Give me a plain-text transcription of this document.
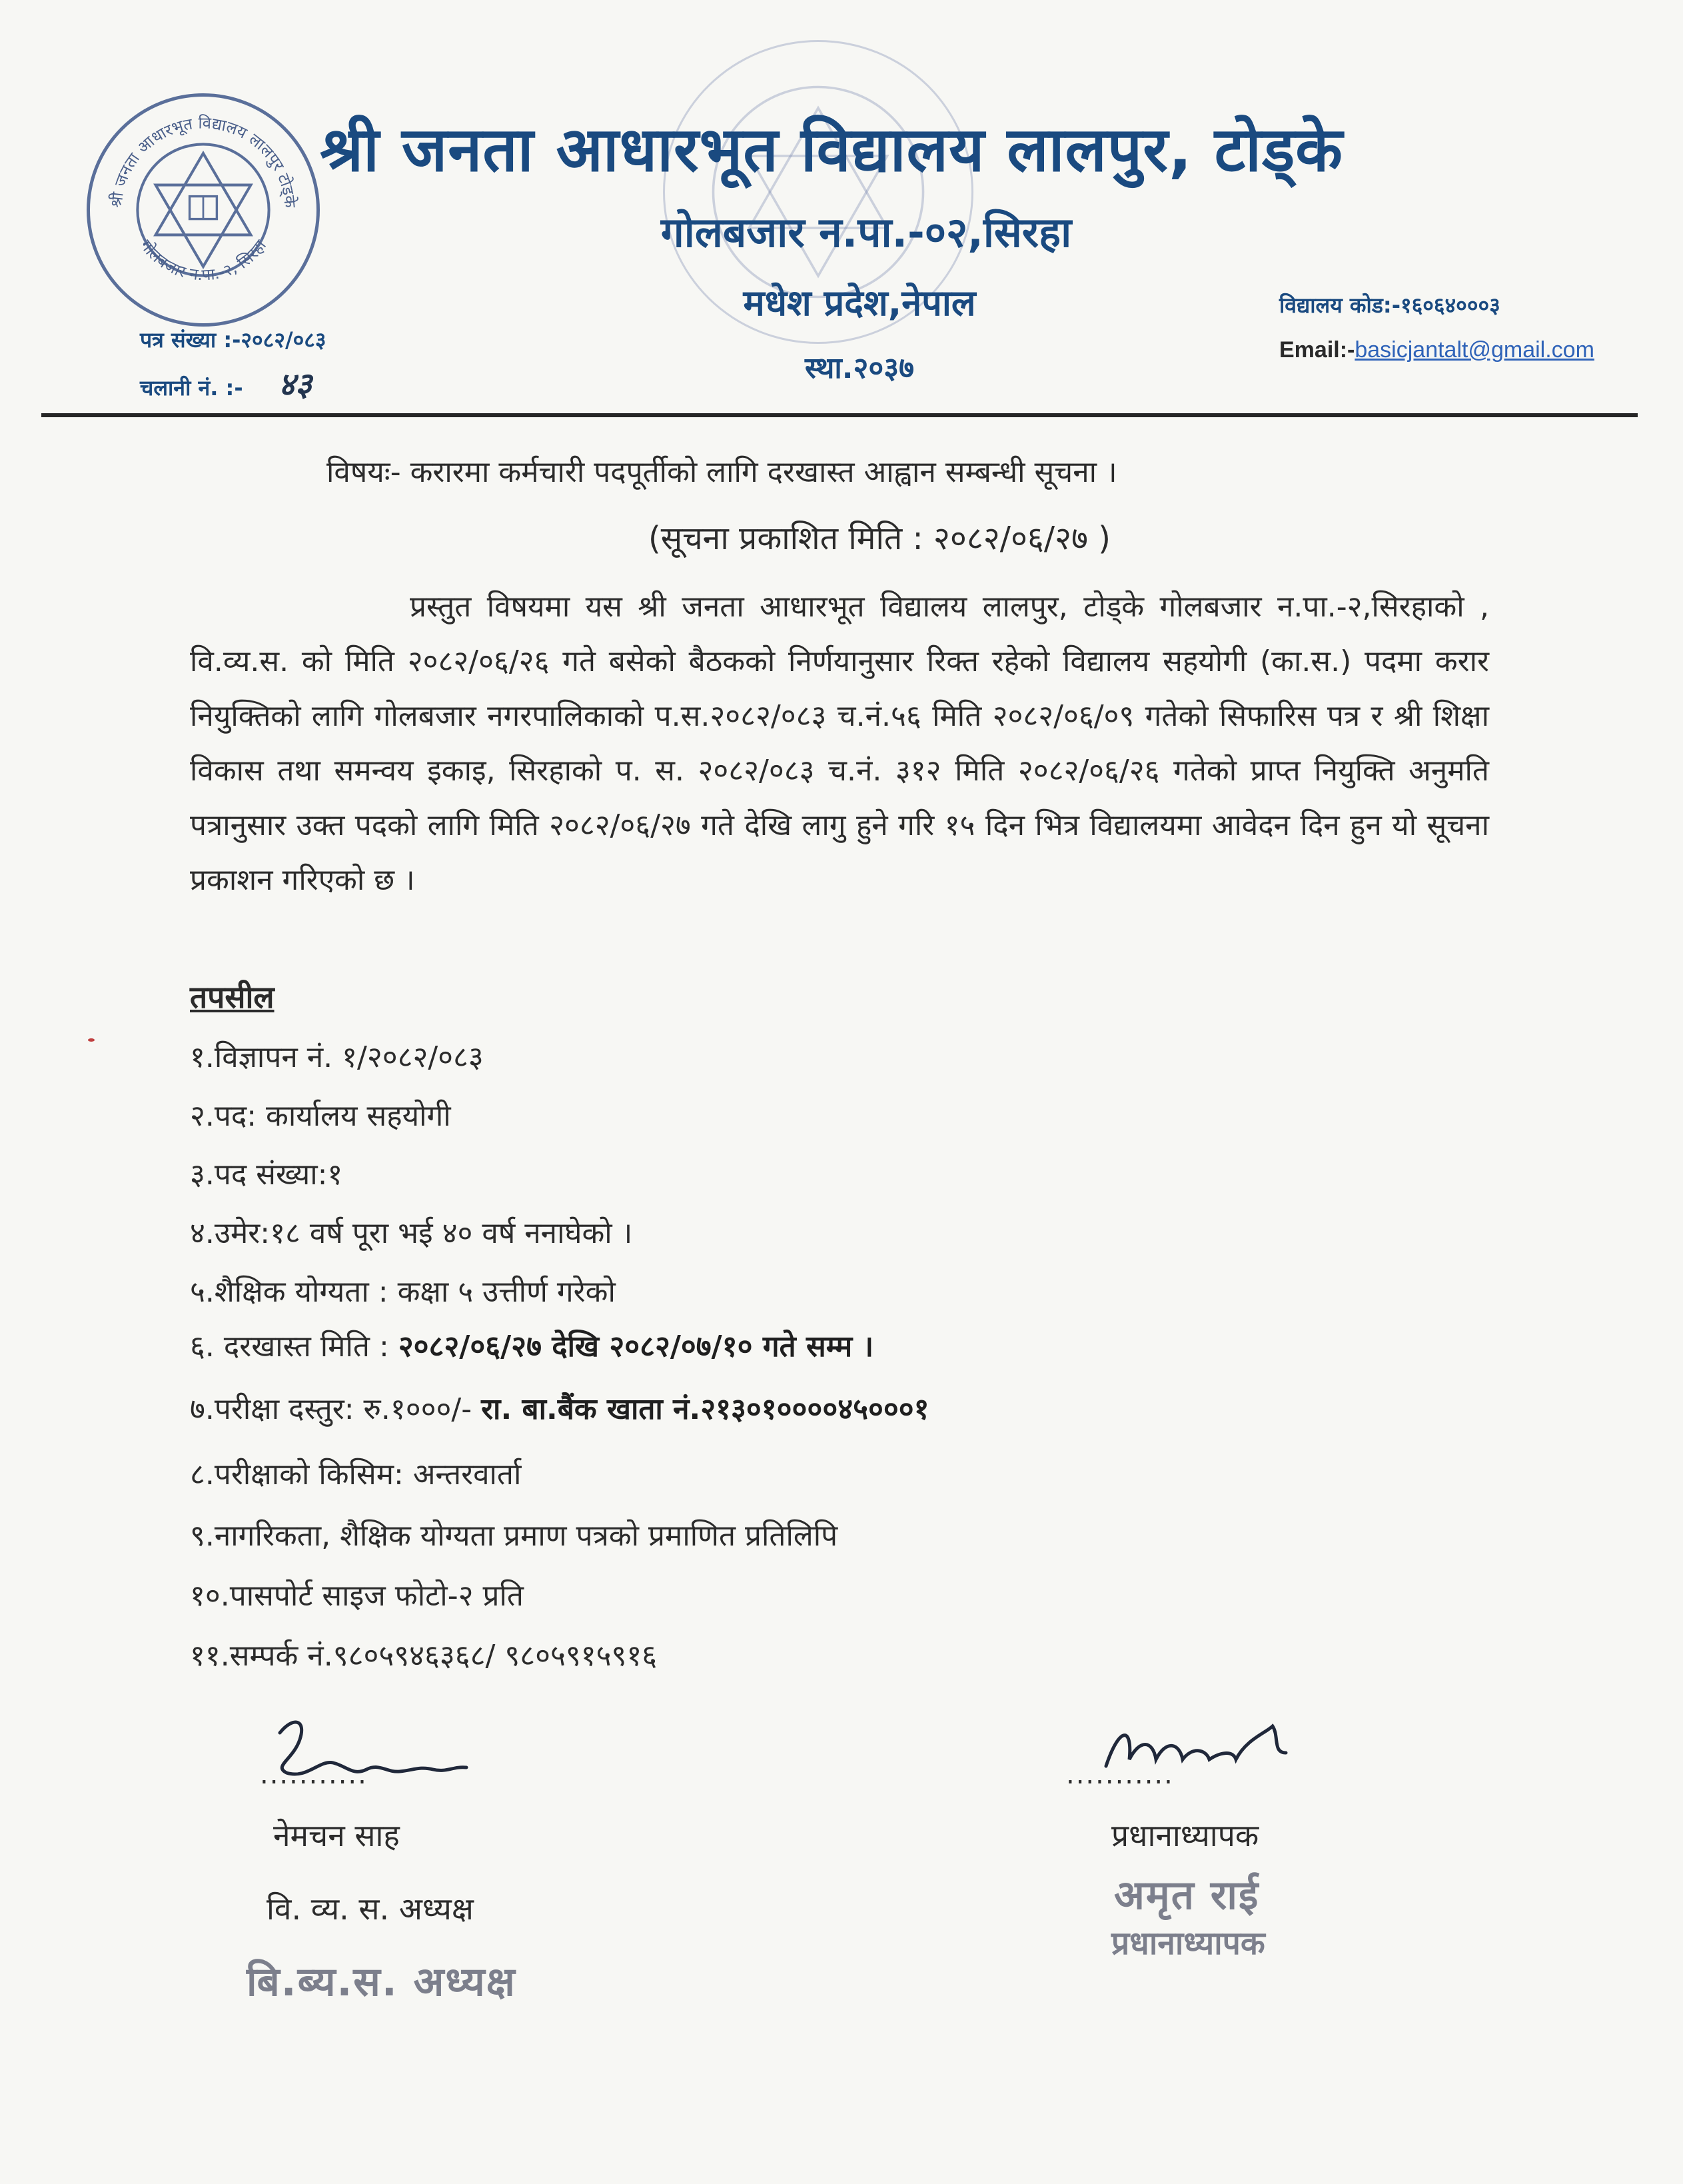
श्री जनता आधारभूत विद्यालय लालपुर टोड्के
गोलबजार न.पा.-२, सिरहा
श्री जनता आधारभूत विद्यालय लालपुर, टोड्के
गोलबजार न.पा.-०२,सिरहा
मधेश प्रदेश,नेपाल
स्था.२०३७
पत्र संख्या :-२०८२/०८३
चलानी नं. :- ४३
विद्यालय कोड:-१६०६४०००३
Email:-basicjantalt@gmail.com
विषयः- करारमा कर्मचारी पदपूर्तीको लागि दरखास्त आह्वान सम्बन्धी सूचना ।
(सूचना प्रकाशित मिति : २०८२/०६/२७ )
प्रस्तुत विषयमा यस श्री जनता आधारभूत विद्यालय लालपुर, टोड्के गोलबजार न.पा.-२,सिरहाको , वि.व्य.स. को मिति २०८२/०६/२६ गते बसेको बैठकको निर्णयानुसार रिक्त रहेको विद्यालय सहयोगी (का.स.) पदमा करार नियुक्तिको लागि गोलबजार नगरपालिकाको प.स.२०८२/०८३ च.नं.५६ मिति २०८२/०६/०९ गतेको सिफारिस पत्र र श्री शिक्षा विकास तथा समन्वय इकाइ, सिरहाको प. स. २०८२/०८३ च.नं. ३१२ मिति २०८२/०६/२६ गतेको प्राप्त नियुक्ति अनुमति पत्रानुसार उक्त पदको लागि मिति २०८२/०६/२७ गते देखि लागु हुने गरि १५ दिन भित्र विद्यालयमा आवेदन दिन हुन यो सूचना प्रकाशन गरिएको छ ।
तपसील
१.विज्ञापन नं. १/२०८२/०८३
२.पद: कार्यालय सहयोगी
३.पद संख्या:१
४.उमेर:१८ वर्ष पूरा भई ४० वर्ष ननाघेको ।
५.शैक्षिक योग्यता : कक्षा ५ उत्तीर्ण गरेको
६. दरखास्त मिति : २०८२/०६/२७ देखि २०८२/०७/१० गते सम्म ।
७.परीक्षा दस्तुर: रु.१०००/- रा. बा.बैंक खाता नं.२१३०१००००४५०००१
८.परीक्षाको किसिम: अन्तरवार्ता
९.नागरिकता, शैक्षिक योग्यता प्रमाण पत्रको प्रमाणित प्रतिलिपि
१०.पासपोर्ट साइज फोटो-२ प्रति
११.सम्पर्क नं.९८०५९४६३६८/ ९८०५९१५९१६
...........
नेमचन साह
वि. व्य. स. अध्यक्ष
बि.ब्य.स. अध्यक्ष
...........
प्रधानाध्यापक
अमृत राई
प्रधानाध्यापक
